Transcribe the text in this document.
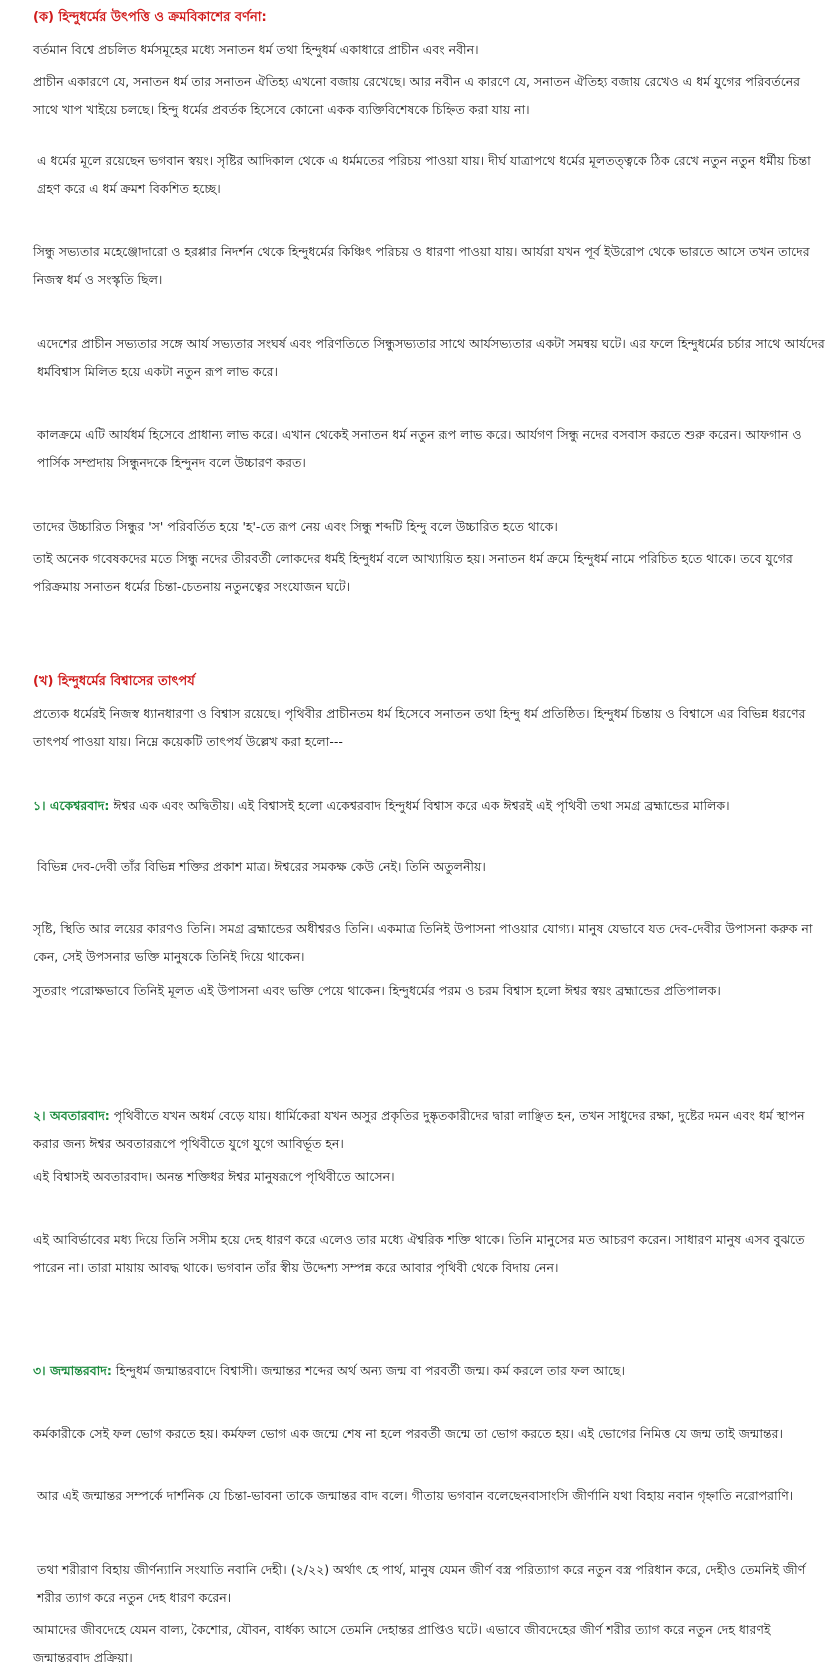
(ক) হিন্দুধর্মের উৎপত্তি ও ক্রমবিকাশের বর্ণনা:

বর্তমান বিশ্বে প্রচলিত ধর্মসমূহের মধ্যে সনাতন ধর্ম তথা হিন্দুধর্ম একাধারে প্রাচীন এবং নবীন।

প্রাচীন একারণে যে, সনাতন ধর্ম তার সনাতন ঐতিহ্য এখনো বজায় রেখেছে। আর নবীন এ কারণে যে, সনাতন ঐতিহ্য বজায় রেখেও এ ধর্ম যুগের পরিবর্তনের সাথে খাপ খাইয়ে চলছে। হিন্দু ধর্মের প্রবর্তক হিসেবে কোনো একক ব্যক্তিবিশেষকে চিহ্নিত করা যায় না।

এ ধর্মের মূলে রয়েছেন ভগবান স্বয়ং। সৃষ্টির আদিকাল থেকে এ ধর্মমতের পরিচয় পাওয়া যায়। দীর্ঘ যাত্রাপথে ধর্মের মূলতত্ত্বকে ঠিক রেখে নতুন নতুন ধর্মীয় চিন্তা গ্রহণ করে এ ধর্ম ক্রমশ বিকশিত হচ্ছে।

সিন্ধু সভ্যতার মহেঞ্জোদারো ও হরপ্পার নিদর্শন থেকে হিন্দুধর্মের কিঞ্চিৎ পরিচয় ও ধারণা পাওয়া যায়। আর্যরা যখন পূর্ব ইউরোপ থেকে ভারতে আসে তখন তাদের নিজস্ব ধর্ম ও সংস্কৃতি ছিল।

এদেশের প্রাচীন সভ্যতার সঙ্গে আর্য সভ্যতার সংঘর্ষ এবং পরিণতিতে সিন্ধুসভ্যতার সাথে আর্যসভ্যতার একটা সমন্বয় ঘটে। এর ফলে হিন্দুধর্মের চর্চার সাথে আর্যদের ধর্মবিশ্বাস মিলিত হয়ে একটা নতুন রূপ লাভ করে।

কালক্রমে এটি আর্যধর্ম হিসেবে প্রাধান্য লাভ করে। এখান থেকেই সনাতন ধর্ম নতুন রূপ লাভ করে। আর্যগণ সিন্ধু নদের বসবাস করতে শুরু করেন। আফগান ও পার্সিক সম্প্রদায় সিন্ধুনদকে হিন্দুনদ বলে উচ্চারণ করত।

তাদের উচ্চারিত সিন্ধুর 'স' পরিবর্তিত হয়ে 'হ'-তে রূপ নেয় এবং সিন্ধু শব্দটি হিন্দু বলে উচ্চারিত হতে থাকে।

তাই অনেক গবেষকদের মতে সিন্ধু নদের তীরবর্তী লোকদের ধর্মই হিন্দুধর্ম বলে আখ্যায়িত হয়। সনাতন ধর্ম ক্রমে হিন্দুধর্ম নামে পরিচিত হতে থাকে। তবে যুগের পরিক্রমায় সনাতন ধর্মের চিন্তা-চেতনায় নতুনত্বের সংযোজন ঘটে।

(খ) হিন্দুধর্মের বিশ্বাসের তাৎপর্য

প্রত্যেক ধর্মেরই নিজস্ব ধ্যানধারণা ও বিশ্বাস রয়েছে। পৃথিবীর প্রাচীনতম ধর্ম হিসেবে সনাতন তথা হিন্দু ধর্ম প্রতিষ্ঠিত। হিন্দুধর্ম চিন্তায় ও বিশ্বাসে এর বিভিন্ন ধরণের তাৎপর্য পাওয়া যায়। নিম্নে কয়েকটি তাৎপর্য উল্লেখ করা হলো---

১। একেশ্বরবাদ: ঈশ্বর এক এবং অদ্বিতীয়। এই বিশ্বাসই হলো একেশ্বরবাদ হিন্দুধর্ম বিশ্বাস করে এক ঈশ্বরই এই পৃথিবী তথা সমগ্র ব্রহ্মান্ডের মালিক।

বিভিন্ন দেব-দেবী তাঁর বিভিন্ন শক্তির প্রকাশ মাত্র। ঈশ্বরের সমকক্ষ কেউ নেই। তিনি অতুলনীয়।

সৃষ্টি, স্থিতি আর লয়ের কারণও তিনি। সমগ্র ব্রহ্মান্ডের অধীশ্বরও তিনি। একমাত্র তিনিই উপাসনা পাওয়ার যোগ্য। মানুষ যেভাবে যত দেব-দেবীর উপাসনা করুক না কেন, সেই উপসনার ভক্তি মানুষকে তিনিই দিয়ে থাকেন।

সুতরাং পরোক্ষভাবে তিনিই মূলত এই উপাসনা এবং ভক্তি পেয়ে থাকেন। হিন্দুধর্মের পরম ও চরম বিশ্বাস হলো ঈশ্বর স্বয়ং ব্রহ্মান্ডের প্রতিপালক।

২। অবতারবাদ: পৃথিবীতে যখন অধর্ম বেড়ে যায়। ধার্মিকেরা যখন অসুর প্রকৃতির দুষ্কৃতকারীদের দ্বারা লাঞ্ছিত হন, তখন সাধুদের রক্ষা, দুষ্টের দমন এবং ধর্ম স্থাপন করার জন্য ঈশ্বর অবতাররূপে পৃথিবীতে যুগে যুগে আবির্ভূত হন।

এই বিশ্বাসই অবতারবাদ। অনন্ত শক্তিধর ঈশ্বর মানুষরূপে পৃথিবীতে আসেন।

এই আবির্ভাবের মধ্য দিয়ে তিনি সসীম হয়ে দেহ ধারণ করে এলেও তার মধ্যে ঐশ্বরিক শক্তি থাকে। তিনি মানুসের মত আচরণ করেন। সাধারণ মানুষ এসব বুঝতে পারেন না। তারা মায়ায় আবদ্ধ থাকে। ভগবান তাঁর স্বীয় উদ্দেশ্য সম্পন্ন করে আবার পৃথিবী থেকে বিদায় নেন।

৩। জন্মান্তরবাদ: হিন্দুধর্ম জন্মান্তরবাদে বিশ্বাসী। জন্মান্তর শব্দের অর্থ অন্য জন্ম বা পরবর্তী জন্ম। কর্ম করলে তার ফল আছে।

কর্মকারীকে সেই ফল ভোগ করতে হয়। কর্মফল ভোগ এক জন্মে শেষ না হলে পরবর্তী জন্মে তা ভোগ করতে হয়। এই ভোগের নিমিত্ত যে জন্ম তাই জন্মান্তর।

আর এই জন্মান্তর সম্পর্কে দার্শনিক যে চিন্তা-ভাবনা তাকে জন্মান্তর বাদ বলে। গীতায় ভগবান বলেছেনবাসাংসি জীর্ণানি যথা বিহায় নবান গৃহ্নাতি নরোপরাণি।

তথা শরীরাণ বিহায় জীর্ণন্যানি সংযাতি নবানি দেহী। (২/২২) অর্থাৎ হে পার্থ, মানুষ যেমন জীর্ণ বস্ত্র পরিত্যাগ করে নতুন বস্ত্র পরিধান করে, দেহীও তেমনিই জীর্ণ শরীর ত্যাগ করে নতুন দেহ ধারণ করেন।

আমাদের জীবদেহে যেমন বাল্য, কৈশোর, যৌবন, বার্ধক্য আসে তেমনি দেহান্তর প্রাপ্তিও ঘটে। এভাবে জীবদেহের জীর্ণ শরীর ত্যাগ করে নতুন দেহ ধারণই জন্মান্তরবাদ প্রক্রিয়া।
